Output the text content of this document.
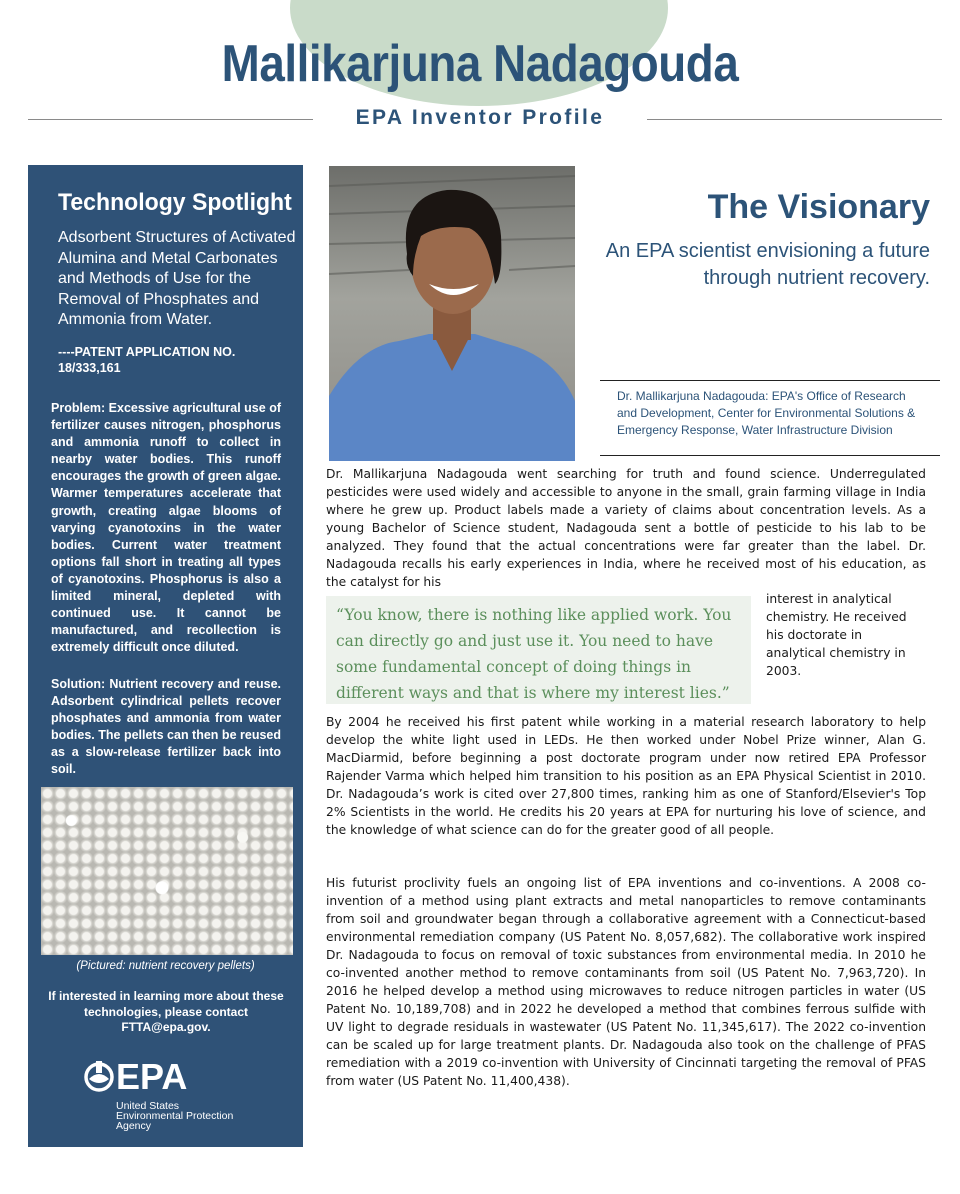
Mallikarjuna Nadagouda
EPA Inventor Profile
Technology Spotlight
Adsorbent Structures of Activated Alumina and Metal Carbonates and Methods of Use for the Removal of Phosphates and Ammonia from Water.
----PATENT APPLICATION NO. 18/333,161
Problem: Excessive agricultural use of fertilizer causes nitrogen, phosphorus and ammonia runoff to collect in nearby water bodies. This runoff encourages the growth of green algae. Warmer temperatures accelerate that growth, creating algae blooms of varying cyanotoxins in the water bodies. Current water treatment options fall short in treating all types of cyanotoxins. Phosphorus is also a limited mineral, depleted with continued use. It cannot be manufactured, and recollection is extremely difficult once diluted.
Solution: Nutrient recovery and reuse. Adsorbent cylindrical pellets recover phosphates and ammonia from water bodies. The pellets can then be reused as a slow-release fertilizer back into soil.
(Pictured: nutrient recovery pellets)
If interested in learning more about these technologies, please contact FTTA@epa.gov.
EPA
United States
Environmental Protection
Agency
The Visionary
An EPA scientist envisioning a future through nutrient recovery.
Dr. Mallikarjuna Nadagouda: EPA's Office of Research and Development, Center for Environmental Solutions & Emergency Response, Water Infrastructure Division
Dr. Mallikarjuna Nadagouda went searching for truth and found science. Underregulated pesticides were used widely and accessible to anyone in the small, grain farming village in India where he grew up. Product labels made a variety of claims about concentration levels. As a young Bachelor of Science student, Nadagouda sent a bottle of pesticide to his lab to be analyzed. They found that the actual concentrations were far greater than the label. Dr. Nadagouda recalls his early experiences in India, where he received most of his education, as the catalyst for his
“You know, there is nothing like applied work. You can directly go and just use it. You need to have some fundamental concept of doing things in different ways and that is where my interest lies.”
interest in analytical chemistry. He received his doctorate in analytical chemistry in 2003.
By 2004 he received his first patent while working in a material research laboratory to help develop the white light used in LEDs. He then worked under Nobel Prize winner, Alan G. MacDiarmid, before beginning a post doctorate program under now retired EPA Professor Rajender Varma which helped him transition to his position as an EPA Physical Scientist in 2010. Dr. Nadagouda’s work is cited over 27,800 times, ranking him as one of Stanford/Elsevier's Top 2% Scientists in the world. He credits his 20 years at EPA for nurturing his love of science, and the knowledge of what science can do for the greater good of all people.
His futurist proclivity fuels an ongoing list of EPA inventions and co-inventions. A 2008 co-invention of a method using plant extracts and metal nanoparticles to remove contaminants from soil and groundwater began through a collaborative agreement with a Connecticut-based environmental remediation company (US Patent No. 8,057,682). The collaborative work inspired Dr. Nadagouda to focus on removal of toxic substances from environmental media. In 2010 he co-invented another method to remove contaminants from soil (US Patent No. 7,963,720). In 2016 he helped develop a method using microwaves to reduce nitrogen particles in water (US Patent No. 10,189,708) and in 2022 he developed a method that combines ferrous sulfide with UV light to degrade residuals in wastewater (US Patent No. 11,345,617). The 2022 co-invention can be scaled up for large treatment plants. Dr. Nadagouda also took on the challenge of PFAS remediation with a 2019 co-invention with University of Cincinnati targeting the removal of PFAS from water (US Patent No. 11,400,438).
